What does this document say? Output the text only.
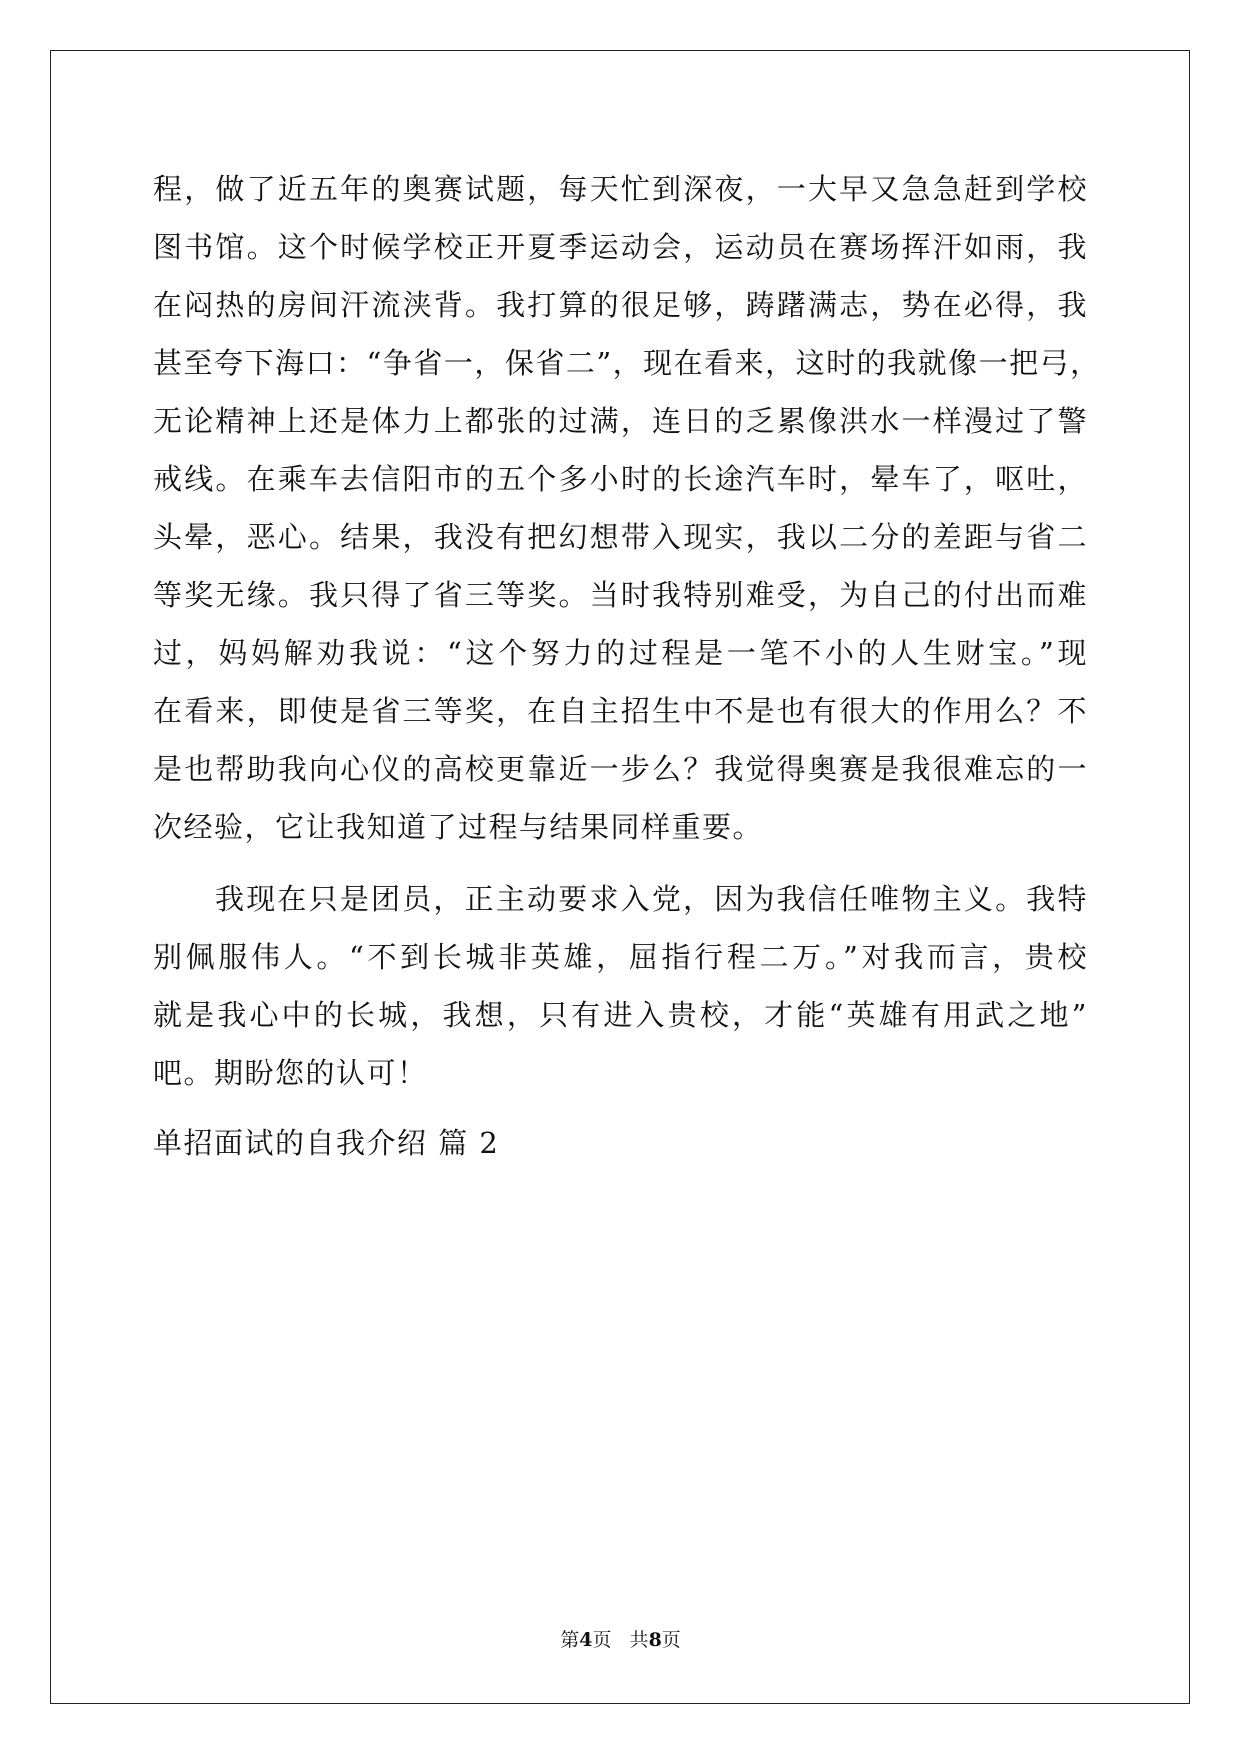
程，做了近五年的奥赛试题，每天忙到深夜，一大早又急急赶到学校
图书馆。这个时候学校正开夏季运动会，运动员在赛场挥汗如雨，我
在闷热的房间汗流浃背。我打算的很足够，踌躇满志，势在必得，我
甚至夸下海口：“争省一，保省二”，现在看来，这时的我就像一把弓，
无论精神上还是体力上都张的过满，连日的乏累像洪水一样漫过了警
戒线。在乘车去信阳市的五个多小时的长途汽车时，晕车了，呕吐，
头晕，恶心。结果，我没有把幻想带入现实，我以二分的差距与省二
等奖无缘。我只得了省三等奖。当时我特别难受，为自己的付出而难
过，妈妈解劝我说：“这个努力的过程是一笔不小的人生财宝。”现
在看来，即使是省三等奖，在自主招生中不是也有很大的作用么？不
是也帮助我向心仪的高校更靠近一步么？我觉得奥赛是我很难忘的一
次经验，它让我知道了过程与结果同样重要。
我现在只是团员，正主动要求入党，因为我信任唯物主义。我特
别佩服伟人。“不到长城非英雄，屈指行程二万。”对我而言，贵校
就是我心中的长城，我想，只有进入贵校，才能“英雄有用武之地”
吧。期盼您的认可！
单招面试的自我介绍 篇 2
第4页   共8页
